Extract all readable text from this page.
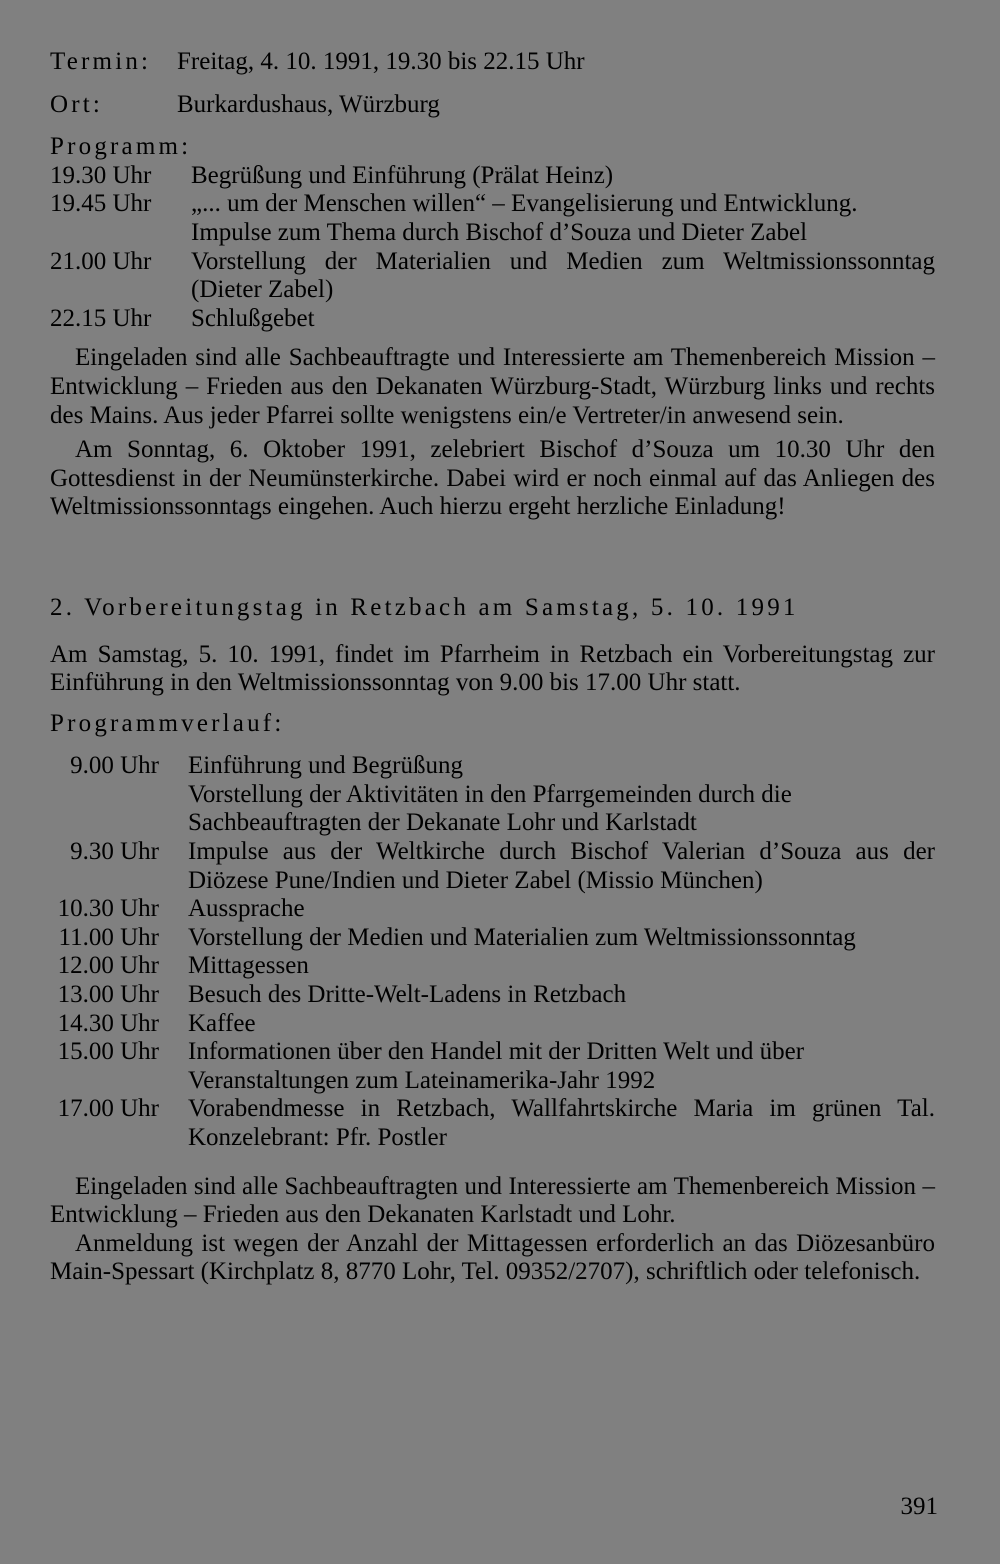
Termin:	Freitag, 4. 10. 1991, 19.30 bis 22.15 Uhr
Ort:	Burkardushaus, Würzburg
Programm:
19.30 Uhr	Begrüßung und Einführung (Prälat Heinz)
19.45 Uhr	„... um der Menschen willen“ – Evangelisierung und Entwicklung. Impulse zum Thema durch Bischof d’Souza und Dieter Zabel
21.00 Uhr	Vorstellung der Materialien und Medien zum Weltmissionssonntag (Dieter Zabel)
22.15 Uhr	Schlußgebet

Eingeladen sind alle Sachbeauftragte und Interessierte am Themenbereich Mission – Entwicklung – Frieden aus den Dekanaten Würzburg-Stadt, Würzburg links und rechts des Mains. Aus jeder Pfarrei sollte wenigstens ein/e Vertreter/in anwesend sein.

Am Sonntag, 6. Oktober 1991, zelebriert Bischof d’Souza um 10.30 Uhr den Gottesdienst in der Neumünsterkirche. Dabei wird er noch einmal auf das Anliegen des Weltmissionssonntags eingehen. Auch hierzu ergeht herzliche Einladung!

2. Vorbereitungstag in Retzbach am Samstag, 5. 10. 1991

Am Samstag, 5. 10. 1991, findet im Pfarrheim in Retzbach ein Vorbereitungstag zur Einführung in den Weltmissionssonntag von 9.00 bis 17.00 Uhr statt.

Programmverlauf:
9.00 Uhr	Einführung und Begrüßung
Vorstellung der Aktivitäten in den Pfarrgemeinden durch die Sachbeauftragten der Dekanate Lohr und Karlstadt
9.30 Uhr	Impulse aus der Weltkirche durch Bischof Valerian d’Souza aus der Diözese Pune/Indien und Dieter Zabel (Missio München)
10.30 Uhr	Aussprache
11.00 Uhr	Vorstellung der Medien und Materialien zum Weltmissionssonntag
12.00 Uhr	Mittagessen
13.00 Uhr	Besuch des Dritte-Welt-Ladens in Retzbach
14.30 Uhr	Kaffee
15.00 Uhr	Informationen über den Handel mit der Dritten Welt und über Veranstaltungen zum Lateinamerika-Jahr 1992
17.00 Uhr	Vorabendmesse in Retzbach, Wallfahrtskirche Maria im grünen Tal. Konzelebrant: Pfr. Postler

Eingeladen sind alle Sachbeauftragten und Interessierte am Themenbereich Mission – Entwicklung – Frieden aus den Dekanaten Karlstadt und Lohr.

Anmeldung ist wegen der Anzahl der Mittagessen erforderlich an das Diözesanbüro Main-Spessart (Kirchplatz 8, 8770 Lohr, Tel. 09352/2707), schriftlich oder telefonisch.

391
